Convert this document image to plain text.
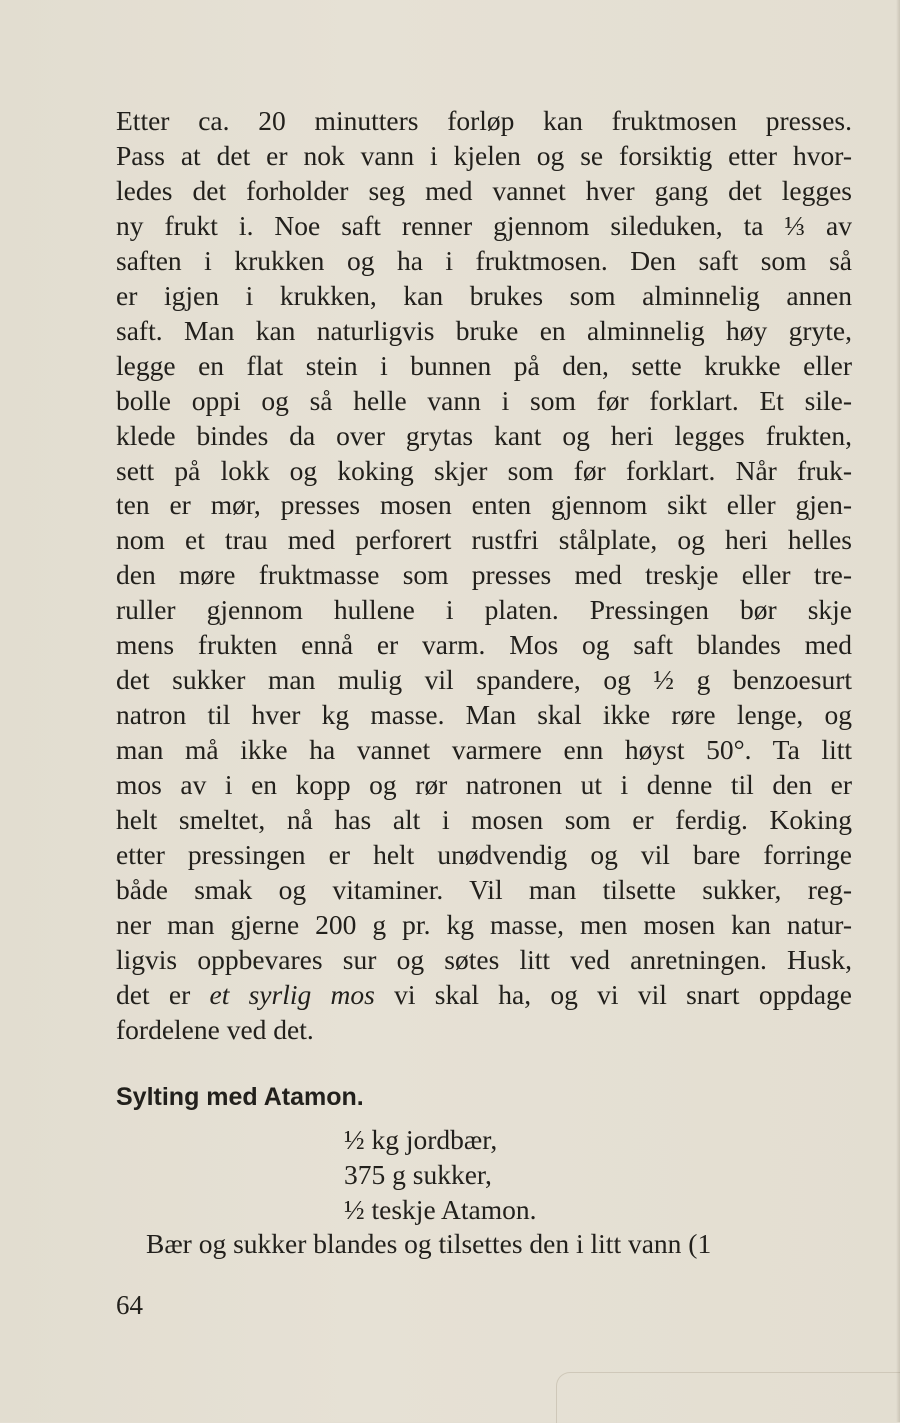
Etter ca. 20 minutters forløp kan fruktmosen presses.
Pass at det er nok vann i kjelen og se forsiktig etter hvor-
ledes det forholder seg med vannet hver gang det legges
ny frukt i. Noe saft renner gjennom sileduken, ta ⅓ av
saften i krukken og ha i fruktmosen. Den saft som så
er igjen i krukken, kan brukes som alminnelig annen
saft. Man kan naturligvis bruke en alminnelig høy gryte,
legge en flat stein i bunnen på den, sette krukke eller
bolle oppi og så helle vann i som før forklart. Et sile-
klede bindes da over grytas kant og heri legges frukten,
sett på lokk og koking skjer som før forklart. Når fruk-
ten er mør, presses mosen enten gjennom sikt eller gjen-
nom et trau med perforert rustfri stålplate, og heri helles
den møre fruktmasse som presses med treskje eller tre-
ruller gjennom hullene i platen. Pressingen bør skje
mens frukten ennå er varm. Mos og saft blandes med
det sukker man mulig vil spandere, og ½ g benzoesurt
natron til hver kg masse. Man skal ikke røre lenge, og
man må ikke ha vannet varmere enn høyst 50°. Ta litt
mos av i en kopp og rør natronen ut i denne til den er
helt smeltet, nå has alt i mosen som er ferdig. Koking
etter pressingen er helt unødvendig og vil bare forringe
både smak og vitaminer. Vil man tilsette sukker, reg-
ner man gjerne 200 g pr. kg masse, men mosen kan natur-
ligvis oppbevares sur og søtes litt ved anretningen. Husk,
det er et syrlig mos vi skal ha, og vi vil snart oppdage
fordelene ved det.

Sylting med Atamon.
½ kg jordbær,
375 g sukker,
½ teskje Atamon.

Bær og sukker blandes og tilsettes den i litt vann (1

64
